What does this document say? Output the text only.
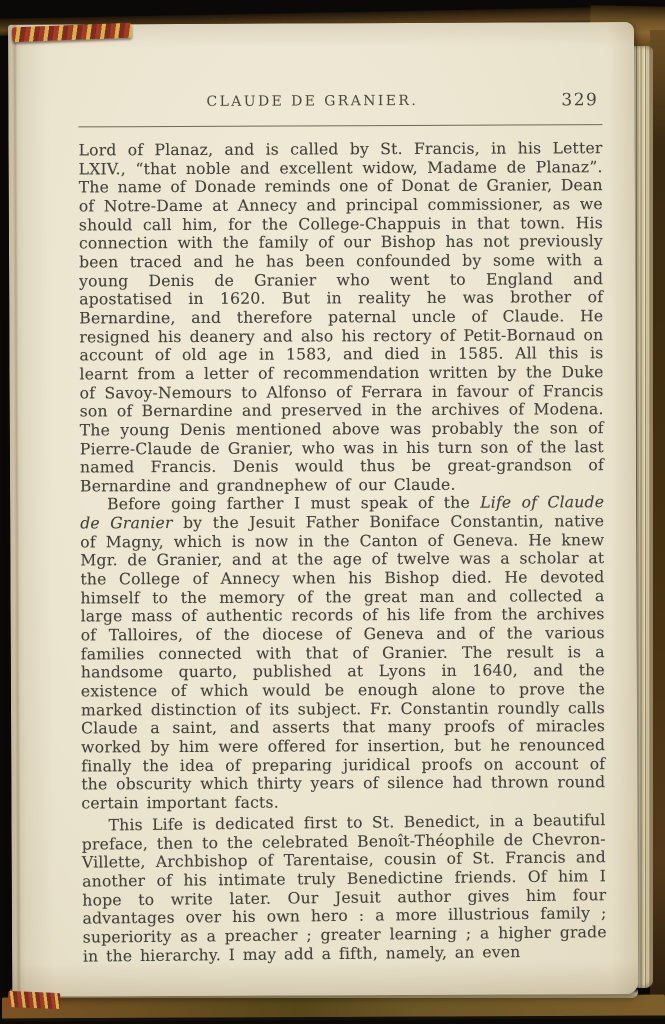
CLAUDE DE GRANIER.	329

Lord of Planaz, and is called by St. Francis, in his Letter LXIV., “that noble and excellent widow, Madame de Planaz”. The name of Donade reminds one of Donat de Granier, Dean of Notre-Dame at Annecy and principal commissioner, as we should call him, for the College-Chappuis in that town. His connection with the family of our Bishop has not previously been traced and he has been confounded by some with a young Denis de Granier who went to England and apostatised in 1620. But in reality he was brother of Bernardine, and therefore paternal uncle of Claude. He resigned his deanery and also his rectory of Petit-Bornaud on account of old age in 1583, and died in 1585. All this is learnt from a letter of recommendation written by the Duke of Savoy-Nemours to Alfonso of Ferrara in favour of Francis son of Bernardine and preserved in the archives of Modena. The young Denis mentioned above was probably the son of Pierre-Claude de Granier, who was in his turn son of the last named Francis. Denis would thus be great-grandson of Bernardine and grandnephew of our Claude.

Before going farther I must speak of the Life of Claude de Granier by the Jesuit Father Boniface Constantin, native of Magny, which is now in the Canton of Geneva. He knew Mgr. de Granier, and at the age of twelve was a scholar at the College of Annecy when his Bishop died. He devoted himself to the memory of the great man and collected a large mass of authentic records of his life from the archives of Talloires, of the diocese of Geneva and of the various families connected with that of Granier. The result is a handsome quarto, published at Lyons in 1640, and the existence of which would be enough alone to prove the marked distinction of its subject. Fr. Constantin roundly calls Claude a saint, and asserts that many proofs of miracles worked by him were offered for insertion, but he renounced finally the idea of preparing juridical proofs on account of the obscurity which thirty years of silence had thrown round certain important facts.

This Life is dedicated first to St. Benedict, in a beautiful preface, then to the celebrated Benoît-Théophile de Chevron-Villette, Archbishop of Tarentaise, cousin of St. Francis and another of his intimate truly Benedictine friends. Of him I hope to write later. Our Jesuit author gives him four advantages over his own hero : a more illustrious family ; superiority as a preacher ; greater learning ; a higher grade in the hierarchy. I may add a fifth, namely, an even
